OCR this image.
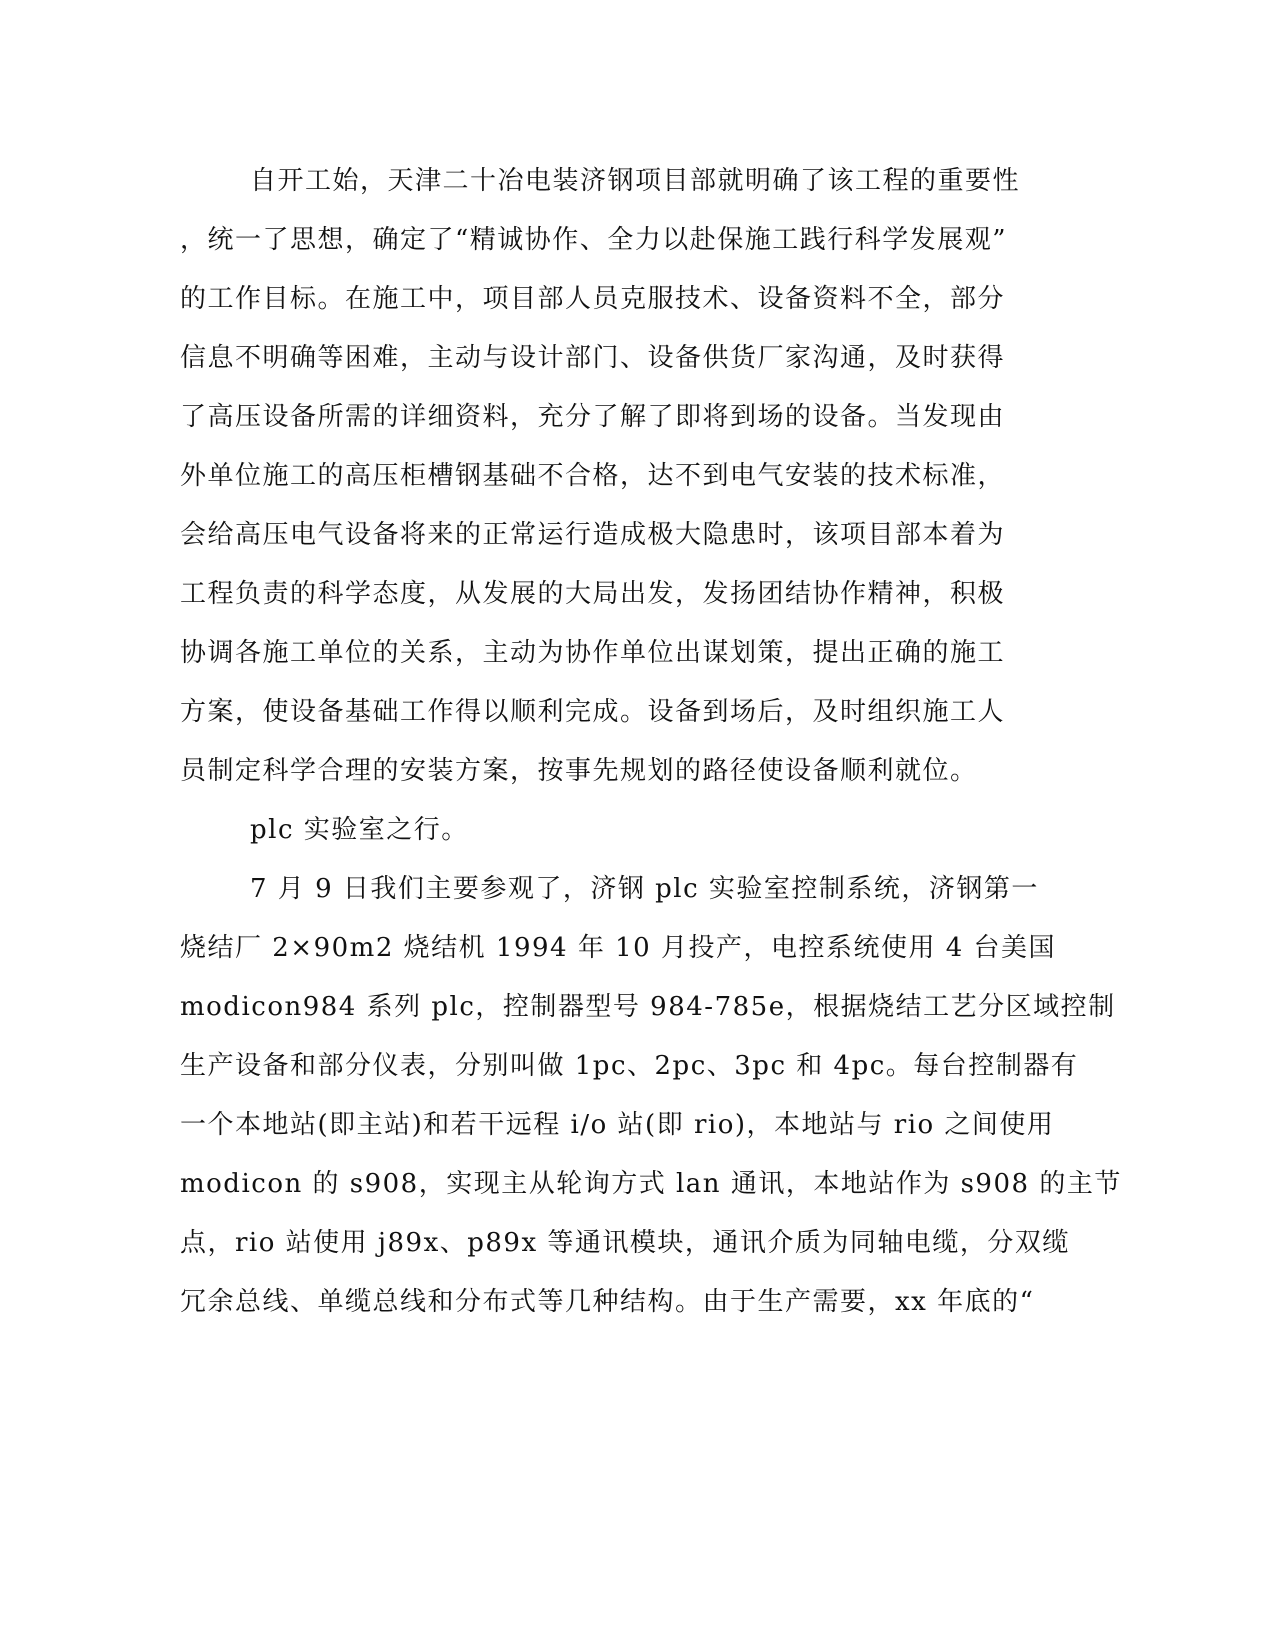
自开工始，天津二十冶电装济钢项目部就明确了该工程的重要性
，统一了思想，确定了“精诚协作、全力以赴保施工践行科学发展观”
的工作目标。在施工中，项目部人员克服技术、设备资料不全，部分
信息不明确等困难，主动与设计部门、设备供货厂家沟通，及时获得
了高压设备所需的详细资料，充分了解了即将到场的设备。当发现由
外单位施工的高压柜槽钢基础不合格，达不到电气安装的技术标准，
会给高压电气设备将来的正常运行造成极大隐患时，该项目部本着为
工程负责的科学态度，从发展的大局出发，发扬团结协作精神，积极
协调各施工单位的关系，主动为协作单位出谋划策，提出正确的施工
方案，使设备基础工作得以顺利完成。设备到场后，及时组织施工人
员制定科学合理的安装方案，按事先规划的路径使设备顺利就位。
plc 实验室之行。
7 月 9 日我们主要参观了，济钢 plc 实验室控制系统，济钢第一
烧结厂 2×90m2 烧结机 1994 年 10 月投产，电控系统使用 4 台美国
modicon984 系列 plc，控制器型号 984-785e，根据烧结工艺分区域控制
生产设备和部分仪表，分别叫做 1pc、2pc、3pc 和 4pc。每台控制器有
一个本地站(即主站)和若干远程 i/o 站(即 rio)，本地站与 rio 之间使用
modicon 的 s908，实现主从轮询方式 lan 通讯，本地站作为 s908 的主节
点，rio 站使用 j89x、p89x 等通讯模块，通讯介质为同轴电缆，分双缆
冗余总线、单缆总线和分布式等几种结构。由于生产需要，xx 年底的“
